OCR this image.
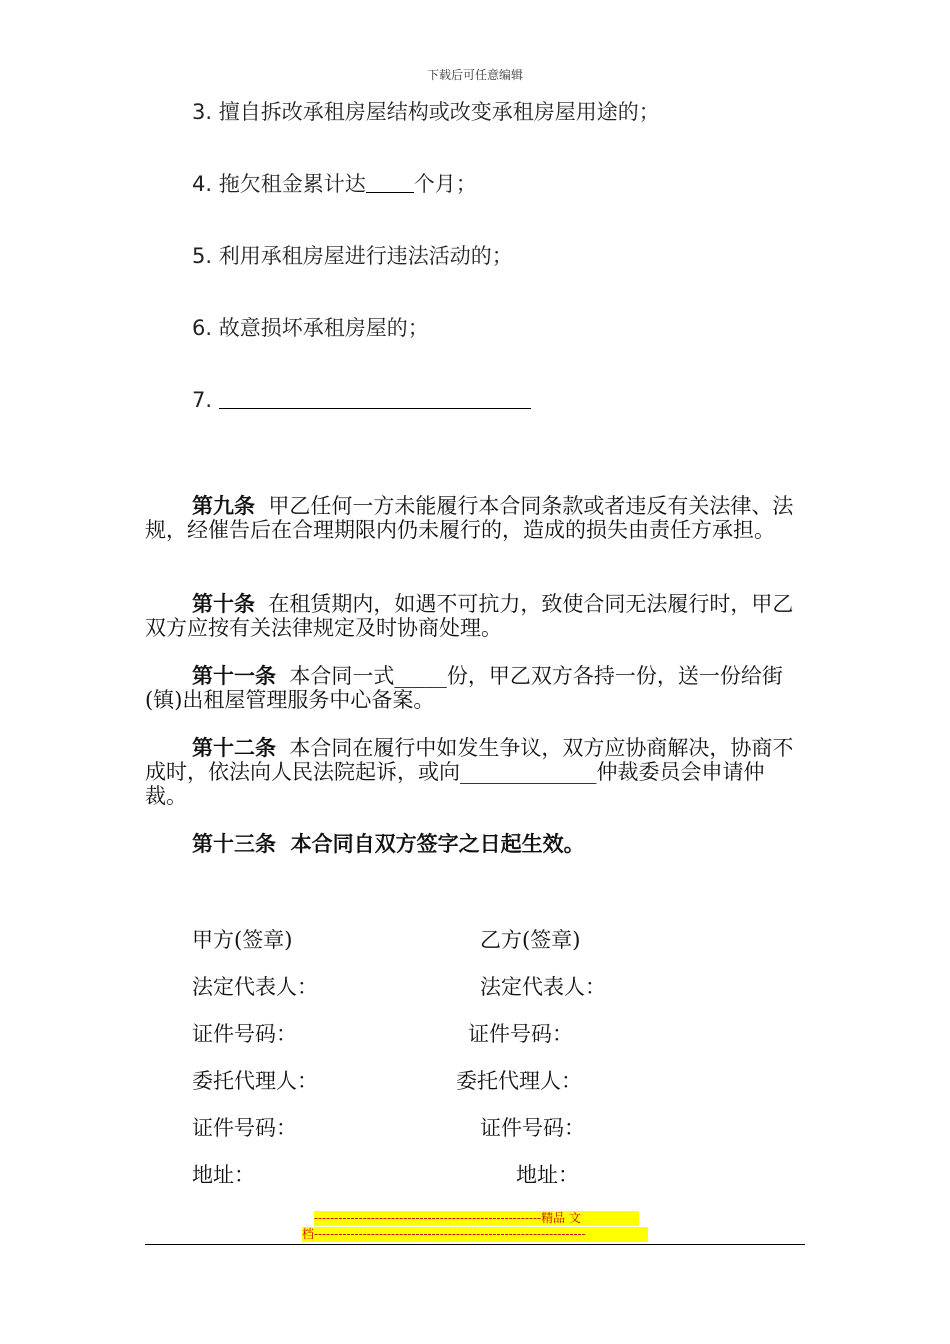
下载后可任意编辑
3. 擅自拆改承租房屋结构或改变承租房屋用途的；
4. 拖欠租金累计达 个月；
5. 利用承租房屋进行违法活动的；
6. 故意损坏承租房屋的；
7.
第九条 甲乙任何一方未能履行本合同条款或者违反有关法律、法规，经催告后在合理期限内仍未履行的，造成的损失由责任方承担。
第十条 在租赁期内，如遇不可抗力，致使合同无法履行时，甲乙双方应按有关法律规定及时协商处理。
第十一条 本合同一式_____份，甲乙双方各持一份，送一份给街(镇)出租屋管理服务中心备案。
第十二条 本合同在履行中如发生争议，双方应协商解决，协商不成时，依法向人民法院起诉，或向_____________仲裁委员会申请仲裁。
第十三条 本合同自双方签字之日起生效。
甲方(签章)
法定代表人：
证件号码：
委托代理人：
证件号码：
地址：
乙方(签章)
法定代表人：
证件号码：
委托代理人：
证件号码：
地址：
--------------------------------------------------------精品 文
档-------------------------------------------------------------------
